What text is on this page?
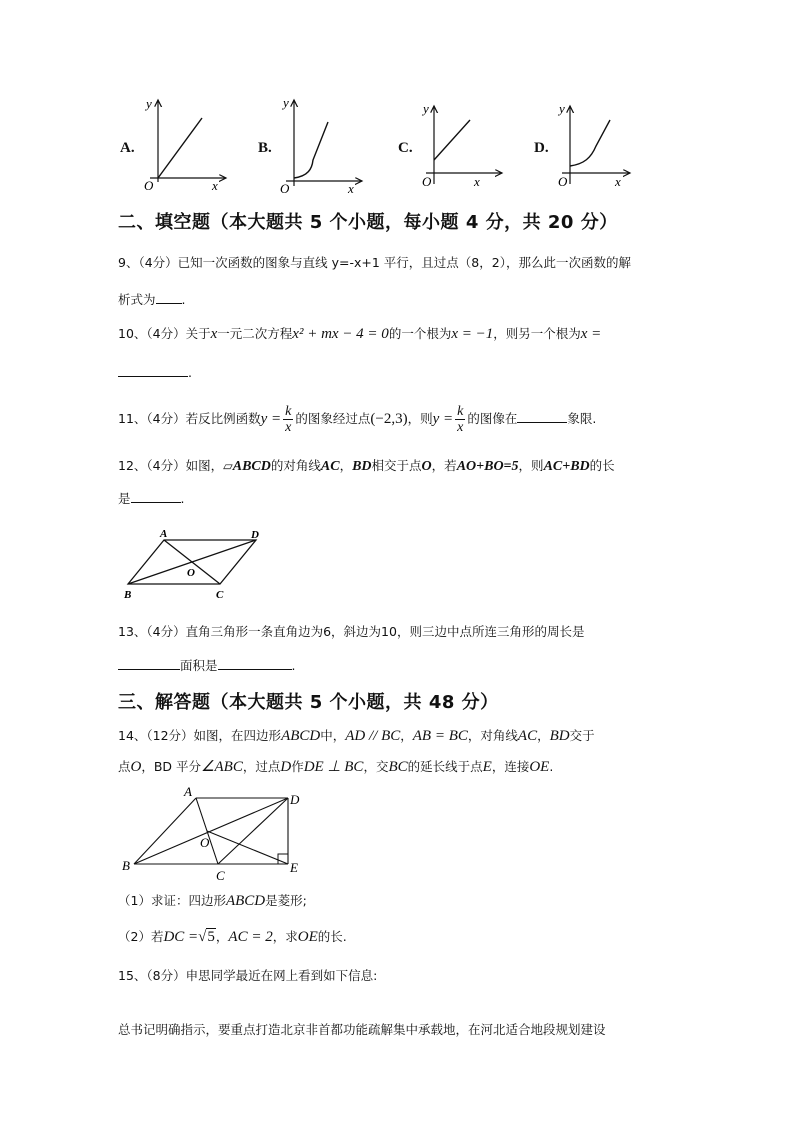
A.
y
x
O
B.
y
x
O
C.
y
x
O
D.
y
x
O
二、填空题（本大题共 5 个小题，每小题 4 分，共 20 分）
9、（4分）已知一次函数的图象与直线 y=-x+1 平行，且过点（8，2），那么此一次函数的解
析式为 .
10、（4分）关于x一元二次方程x² + mx − 4 = 0的一个根为x = −1，则另一个根为x =
.
11、（4分）若反比例函数$y = \frac{k}{x}$ 的图象经过点(−2,3)，则$y = \frac{k}{x}$ 的图像在	象限.
12、（4分）如图，▱ABCD的对角线AC，BD相交于点O，若AO+BO=5，则AC+BD的长
是	.
A	D
O
B	C
13、（4分）直角三角形一条直角边为6，斜边为10，则三边中点所连三角形的周长是
面积是	.
三、解答题（本大题共 5 个小题，共 48 分）
14、（12分）如图，在四边形ABCD中，AD // BC，AB = BC，对角线AC，BD交于
点O，BD 平分∠ABC，过点D作DE ⊥ BC，交BC的延长线于点E，连接OE.
A
D
O
B
C
E
（1）求证：四边形ABCD是菱形;
（2）若DC =√5，AC = 2，求OE的长.
15、（8分）申思同学最近在网上看到如下信息:
总书记明确指示，要重点打造北京非首都功能疏解集中承载地，在河北适合地段规划建设
